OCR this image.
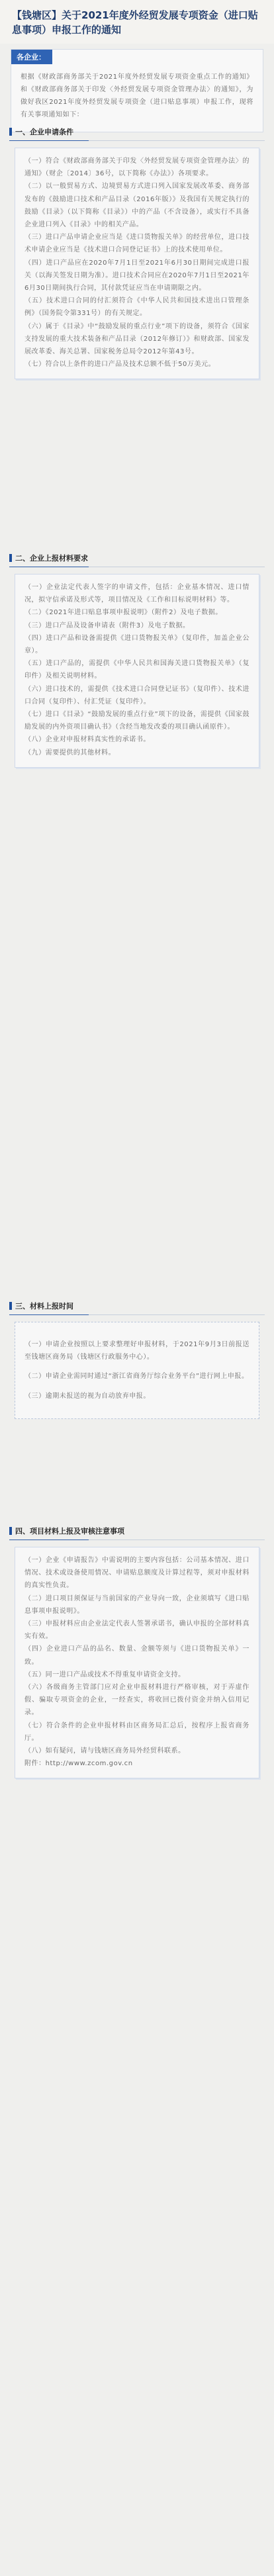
【钱塘区】关于2021年度外经贸发展专项资金（进口贴息事项）申报工作的通知
各企业：

根据《财政部商务部关于2021年度外经贸发展专项资金重点工作的通知》和《财政部商务部关于印发〈外经贸发展专项资金管理办法〉的通知》，为做好我区2021年度外经贸发展专项资金（进口贴息事项）申报工作，现将有关事项通知如下：

一、企业申请条件

（一）符合《财政部商务部关于印发〈外经贸发展专项资金管理办法〉的通知》（财企〔2014〕36号，以下简称《办法》）各项要求。

（二）以一般贸易方式、边境贸易方式进口列入国家发展改革委、商务部发布的《鼓励进口技术和产品目录（2016年版）》及我国有关规定执行的鼓励《目录》（以下简称《目录》）中的产品（不含设备），或实行不具备企业进口列入《目录》中的相关产品。

（三）进口产品申请企业应当是《进口货物报关单》的经营单位，进口技术申请企业应当是《技术进口合同登记证书》上的技术使用单位。

（四）进口产品应在2020年7月1日至2021年6月30日期间完成进口报关（以海关签发日期为准）。进口技术合同应在2020年7月1日至2021年6月30日期间执行合同，其付款凭证应当在申请期限之内。

（五）技术进口合同的付汇须符合《中华人民共和国技术进出口管理条例》（国务院令第331号）的有关规定。

（六）属于《目录》中“鼓励发展的重点行业”项下的设备，须符合《国家支持发展的重大技术装备和产品目录（2012年修订）》和财政部、国家发展改革委、海关总署、国家税务总局令2012年第43号。

（七）符合以上条件的进口产品及技术总额不低于50万美元。

二、企业上报材料要求

（一）企业法定代表人签字的申请文件，包括：企业基本情况、进口情况，拟守信承诺及形式等，项目情况及《工作和目标说明材料》等。

（二）《2021年进口贴息事项申报说明》（附件2）及电子数据。

（三）进口产品及设备申请表（附件3）及电子数据。

（四）进口产品和设备需提供《进口货物报关单》（复印件，加盖企业公章）。

（五）进口产品的，需提供《中华人民共和国海关进口货物报关单》（复印件）及相关说明材料。

（六）进口技术的，需提供《技术进口合同登记证书》（复印件）、技术进口合同（复印件）、付汇凭证（复印件）。

（七）进口《目录》“鼓励发展的重点行业”项下的设备，需提供《国家鼓励发展的内外资项目确认书》（含经当地发改委的项目确认函原件）。

（八）企业对申报材料真实性的承诺书。

（九）需要提供的其他材料。

三、材料上报时间

（一）申请企业按照以上要求整理好申报材料，于2021年9月3日前报送至钱塘区商务局（钱塘区行政服务中心）。

（二）申请企业需同时通过“浙江省商务厅综合业务平台”进行网上申报。

（三）逾期未报送的视为自动放弃申报。

四、项目材料上报及审核注意事项

（一）企业《申请报告》中需说明的主要内容包括：公司基本情况、进口情况、技术或设备使用情况、申请贴息额度及计算过程等，须对申报材料的真实性负责。

（二）进口项目须保证与当前国家的产业导向一致，企业须填写《进口贴息事项申报说明》。

（三）申报材料应由企业法定代表人签署承诺书，确认申报的全部材料真实有效。

（四）企业进口产品的品名、数量、金额等须与《进口货物报关单》一致。

（五）同一进口产品或技术不得重复申请资金支持。

（六）各级商务主管部门应对企业申报材料进行严格审核，对于弄虚作假、骗取专项资金的企业，一经查实，将收回已拨付资金并纳入信用记录。

（七）符合条件的企业申报材料由区商务局汇总后，按程序上报省商务厅。

（八）如有疑问，请与钱塘区商务局外经贸科联系。

附件：http://www.zcom.gov.cn
